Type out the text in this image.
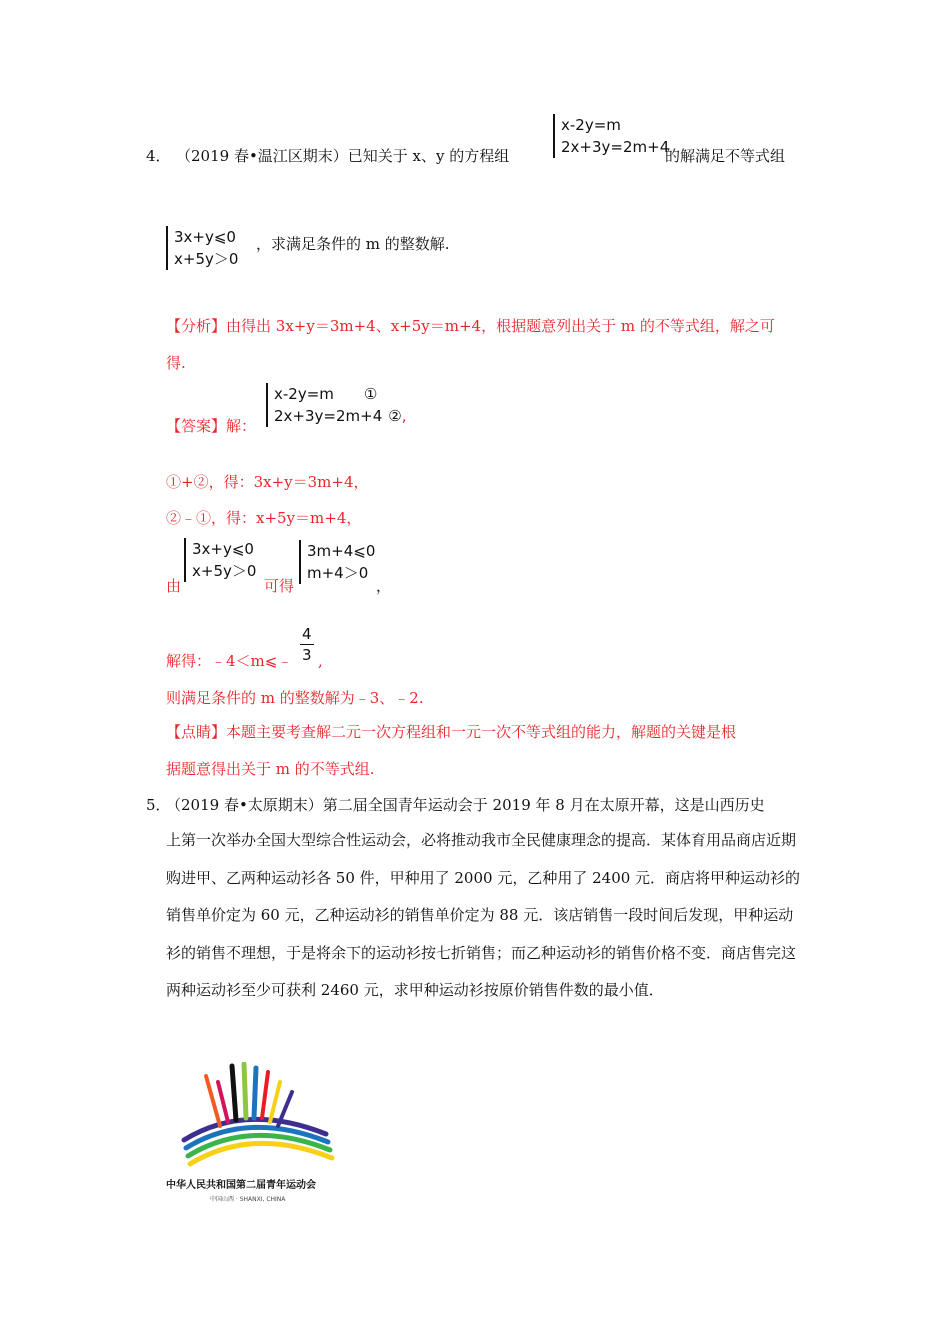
4． （2019 春•温江区期末）已知关于 x、y 的方程组
x-2y=m
2x+3y=2m+4
的解满足不等式组
3x+y⩽0
x+5y＞0
，求满足条件的 m 的整数解.
【分析】由得出 3x+y＝3m+4、x+5y＝m+4，根据题意列出关于 m 的不等式组，解之可
得.
【答案】解：
x-2y=m ①
2x+3y=2m+4 ②,
①+②，得：3x+y＝3m+4，
②﹣①，得：x+5y＝m+4，
由
3x+y⩽0
x+5y＞0
可得
3m+4⩽0
m+4＞0
，
解得：﹣4＜m⩽﹣ $\frac{4}{3}$ ,
则满足条件的 m 的整数解为﹣3、﹣2.
【点睛】本题主要考查解二元一次方程组和一元一次不等式组的能力，解题的关键是根
据题意得出关于 m 的不等式组.
5．
（2019 春•太原期末）第二届全国青年运动会于 2019 年 8 月在太原开幕，这是山西历史
上第一次举办全国大型综合性运动会，必将推动我市全民健康理念的提高．某体育用品商店近期购进甲、乙两种运动衫各 50 件，甲种用了 2000 元，乙种用了 2400 元．商店将甲种运动衫的销售单价定为 60 元，乙种运动衫的销售单价定为 88 元．该店销售一段时间后发现，甲种运动衫的销售不理想，于是将余下的运动衫按七折销售；而乙种运动衫的销售价格不变．商店售完这两种运动衫至少可获利 2460 元，求甲种运动衫按原价销售件数的最小值．
中华人民共和国第二届青年运动会
中国山西 · SHANXI, CHINA
